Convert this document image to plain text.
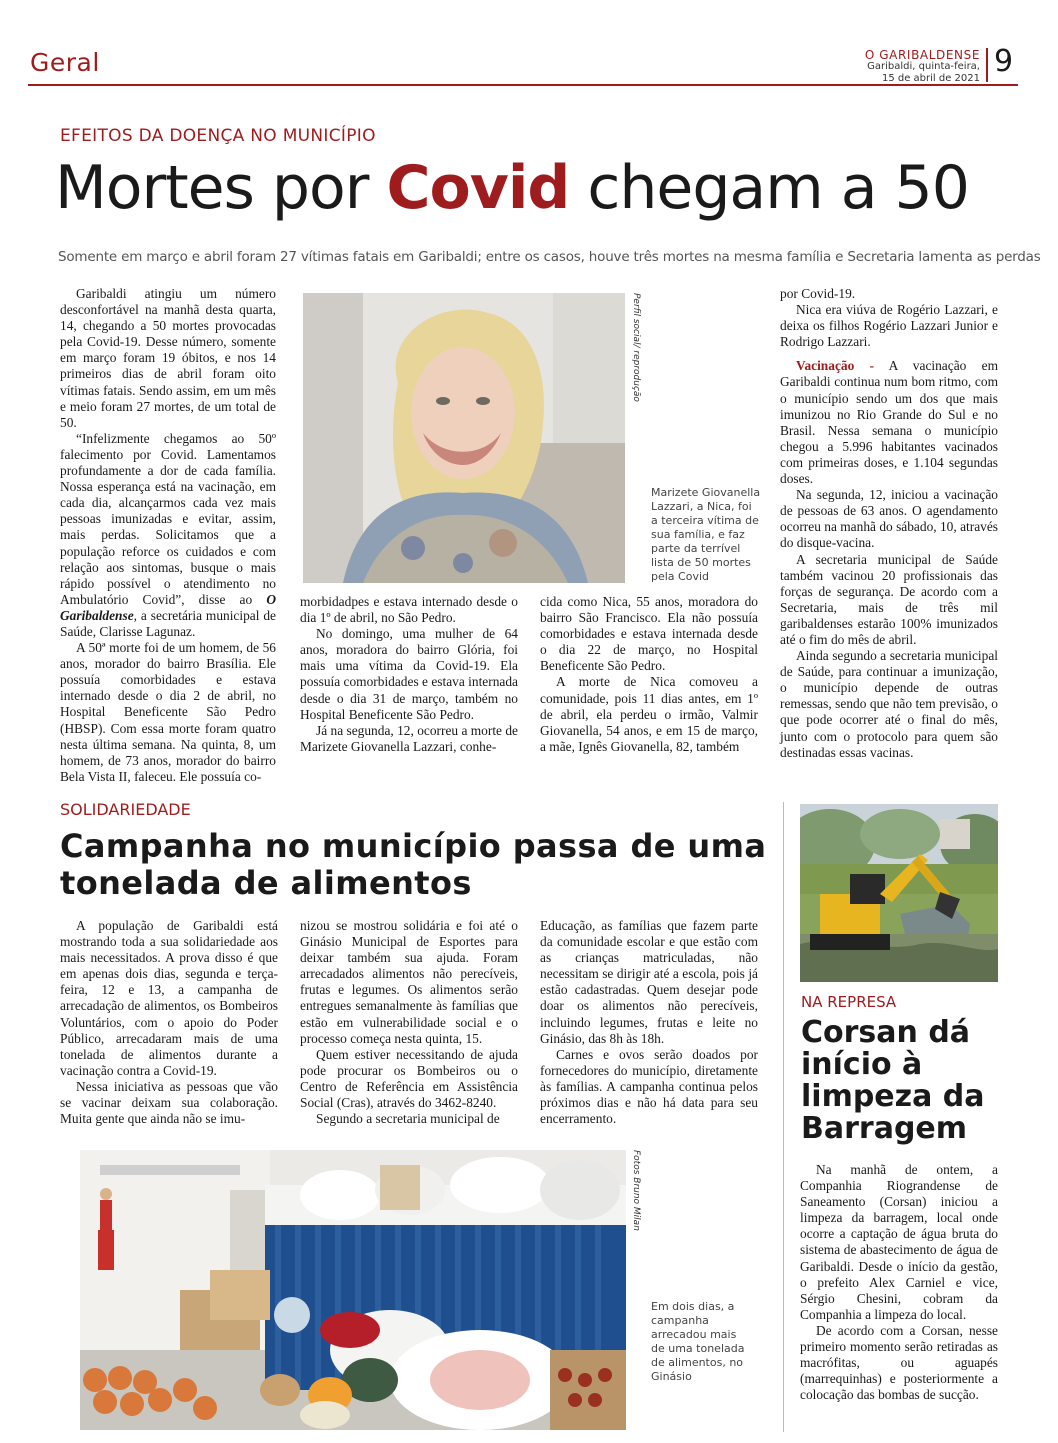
Geral	O GARIBALDENSE
Garibaldi, quinta-feira,
15 de abril de 2021 9
EFEITOS DA DOENÇA NO MUNICÍPIO
Mortes por Covid chegam a 50
Somente em março e abril foram 27 vítimas fatais em Garibaldi; entre os casos, houve três mortes na mesma família e Secretaria lamenta as perdas

Garibaldi atingiu um número desconfortável na manhã desta quarta, 14, chegando a 50 mortes provocadas pela Covid-19. Desse número, somente em março foram 19 óbitos, e nos 14 primeiros dias de abril foram oito vítimas fatais. Sendo assim, em um mês e meio foram 27 mortes, de um total de 50.

“Infelizmente chegamos ao 50º falecimento por Covid. Lamentamos profundamente a dor de cada família. Nossa esperança está na vacinação, em cada dia, alcançarmos cada vez mais pessoas imunizadas e evitar, assim, mais perdas. Solicitamos que a população reforce os cuidados e com relação aos sintomas, busque o mais rápido possível o atendimento no Ambulatório Covid”, disse ao O Garibaldense, a secretária municipal de Saúde, Clarisse Lagunaz.

A 50ª morte foi de um homem, de 56 anos, morador do bairro Brasília. Ele possuía comorbidades e estava internado desde o dia 2 de abril, no Hospital Beneficente São Pedro (HBSP). Com essa morte foram quatro nesta última semana. Na quinta, 8, um homem, de 73 anos, morador do bairro Bela Vista II, faleceu. Ele possuía co-

Perfil social/ reprodução
Marizete Giovanella Lazzari, a Nica, foi a terceira vítima de sua família, e faz parte da terrível lista de 50 mortes pela Covid

morbidadpes e estava internado desde o dia 1º de abril, no São Pedro.

No domingo, uma mulher de 64 anos, moradora do bairro Glória, foi mais uma vítima da Covid-19. Ela possuía comorbidades e estava internada desde o dia 31 de março, também no Hospital Beneficente São Pedro.

Já na segunda, 12, ocorreu a morte de Marizete Giovanella Lazzari, conhe-

cida como Nica, 55 anos, moradora do bairro São Francisco. Ela não possuía comorbidades e estava internada desde o dia 22 de março, no Hospital Beneficente São Pedro.

A morte de Nica comoveu a comunidade, pois 11 dias antes, em 1º de abril, ela perdeu o irmão, Valmir Giovanella, 54 anos, e em 15 de março, a mãe, Ignês Giovanella, 82, também

por Covid-19.

Nica era viúva de Rogério Lazzari, e deixa os filhos Rogério Lazzari Junior e Rodrigo Lazzari.

Vacinação - A vacinação em Garibaldi continua num bom ritmo, com o município sendo um dos que mais imunizou no Rio Grande do Sul e no Brasil. Nessa semana o município chegou a 5.996 habitantes vacinados com primeiras doses, e 1.104 segundas doses.

Na segunda, 12, iniciou a vacinação de pessoas de 63 anos. O agendamento ocorreu na manhã do sábado, 10, através do disque-vacina.

A secretaria municipal de Saúde também vacinou 20 profissionais das forças de segurança. De acordo com a Secretaria, mais de três mil garibaldenses estarão 100% imunizados até o fim do mês de abril.

Ainda segundo a secretaria municipal de Saúde, para continuar a imunização, o município depende de outras remessas, sendo que não tem previsão, o que pode ocorrer até o final do mês, junto com o protocolo para quem são destinadas essas vacinas.

SOLIDARIEDADE
Campanha no município passa de uma tonelada de alimentos

A população de Garibaldi está mostrando toda a sua solidariedade aos mais necessitados. A prova disso é que em apenas dois dias, segunda e terça-feira, 12 e 13, a campanha de arrecadação de alimentos, os Bombeiros Voluntários, com o apoio do Poder Público, arrecadaram mais de uma tonelada de alimentos durante a vacinação contra a Covid-19.

Nessa iniciativa as pessoas que vão se vacinar deixam sua colaboração. Muita gente que ainda não se imu-

nizou se mostrou solidária e foi até o Ginásio Municipal de Esportes para deixar também sua ajuda. Foram arrecadados alimentos não perecíveis, frutas e legumes. Os alimentos serão entregues semanalmente às famílias que estão em vulnerabilidade social e o processo começa nesta quinta, 15.

Quem estiver necessitando de ajuda pode procurar os Bombeiros ou o Centro de Referência em Assistência Social (Cras), através do 3462-8240.

Segundo a secretaria municipal de

Educação, as famílias que fazem parte da comunidade escolar e que estão com as crianças matriculadas, não necessitam se dirigir até a escola, pois já estão cadastradas. Quem desejar pode doar os alimentos não perecíveis, incluindo legumes, frutas e leite no Ginásio, das 8h às 18h.

Carnes e ovos serão doados por fornecedores do município, diretamente às famílias. A campanha continua pelos próximos dias e não há data para seu encerramento.

Fotos Bruno Milan
Em dois dias, a campanha arrecadou mais de uma tonelada de alimentos, no Ginásio
NA REPRESA
Corsan dá início à limpeza da Barragem

Na manhã de ontem, a Companhia Riograndense de Saneamento (Corsan) iniciou a limpeza da barragem, local onde ocorre a captação de água bruta do sistema de abastecimento de água de Garibaldi. Desde o início da gestão, o prefeito Alex Carniel e vice, Sérgio Chesini, cobram da Companhia a limpeza do local.

De acordo com a Corsan, nesse primeiro momento serão retiradas as macrófitas, ou aguapés (marrequinhas) e posteriormente a colocação das bombas de sucção.
